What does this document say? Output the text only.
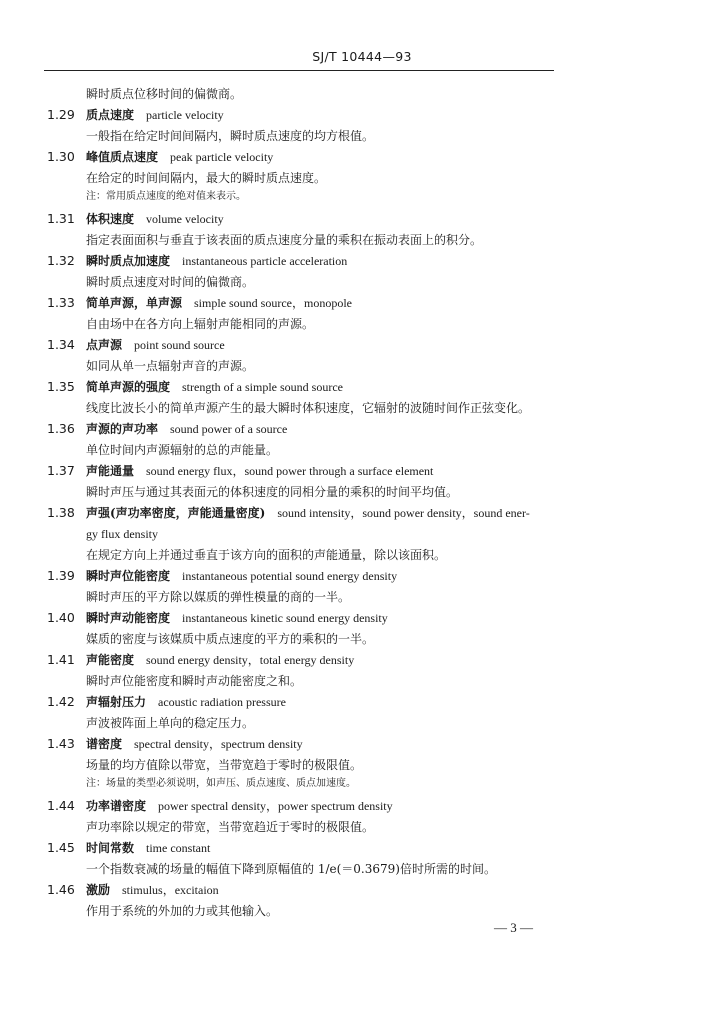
SJ/T 10444—93
瞬时质点位移时间的偏微商。
1.29 质点速度 particle velocity
一般指在给定时间间隔内，瞬时质点速度的均方根值。
1.30 峰值质点速度 peak particle velocity
在给定的时间间隔内，最大的瞬时质点速度。
注：常用质点速度的绝对值来表示。
1.31 体积速度 volume velocity
指定表面面积与垂直于该表面的质点速度分量的乘积在振动表面上的积分。
1.32 瞬时质点加速度 instantaneous particle acceleration
瞬时质点速度对时间的偏微商。
1.33 简单声源，单声源 simple sound source，monopole
自由场中在各方向上辐射声能相同的声源。
1.34 点声源 point sound source
如同从单一点辐射声音的声源。
1.35 简单声源的强度 strength of a simple sound source
线度比波长小的简单声源产生的最大瞬时体积速度，它辐射的波随时间作正弦变化。
1.36 声源的声功率 sound power of a source
单位时间内声源辐射的总的声能量。
1.37 声能通量 sound energy flux，sound power through a surface element
瞬时声压与通过其表面元的体积速度的同相分量的乘积的时间平均值。
1.38 声强(声功率密度，声能通量密度) sound intensity，sound power density，sound ener-
gy flux density
在规定方向上并通过垂直于该方向的面积的声能通量，除以该面积。
1.39 瞬时声位能密度 instantaneous potential sound energy density
瞬时声压的平方除以媒质的弹性模量的商的一半。
1.40 瞬时声动能密度 instantaneous kinetic sound energy density
媒质的密度与该媒质中质点速度的平方的乘积的一半。
1.41 声能密度 sound energy density，total energy density
瞬时声位能密度和瞬时声动能密度之和。
1.42 声辐射压力 acoustic radiation pressure
声波被阵面上单向的稳定压力。
1.43 谱密度 spectral density，spectrum density
场量的均方值除以带宽，当带宽趋于零时的极限值。
注：场量的类型必须说明，如声压、质点速度、质点加速度。
1.44 功率谱密度 power spectral density，power spectrum density
声功率除以规定的带宽，当带宽趋近于零时的极限值。
1.45 时间常数 time constant
一个指数衰减的场量的幅值下降到原幅值的 1/e(＝0.3679)倍时所需的时间。
1.46 激励 stimulus，excitaion
作用于系统的外加的力或其他输入。
— 3 —
